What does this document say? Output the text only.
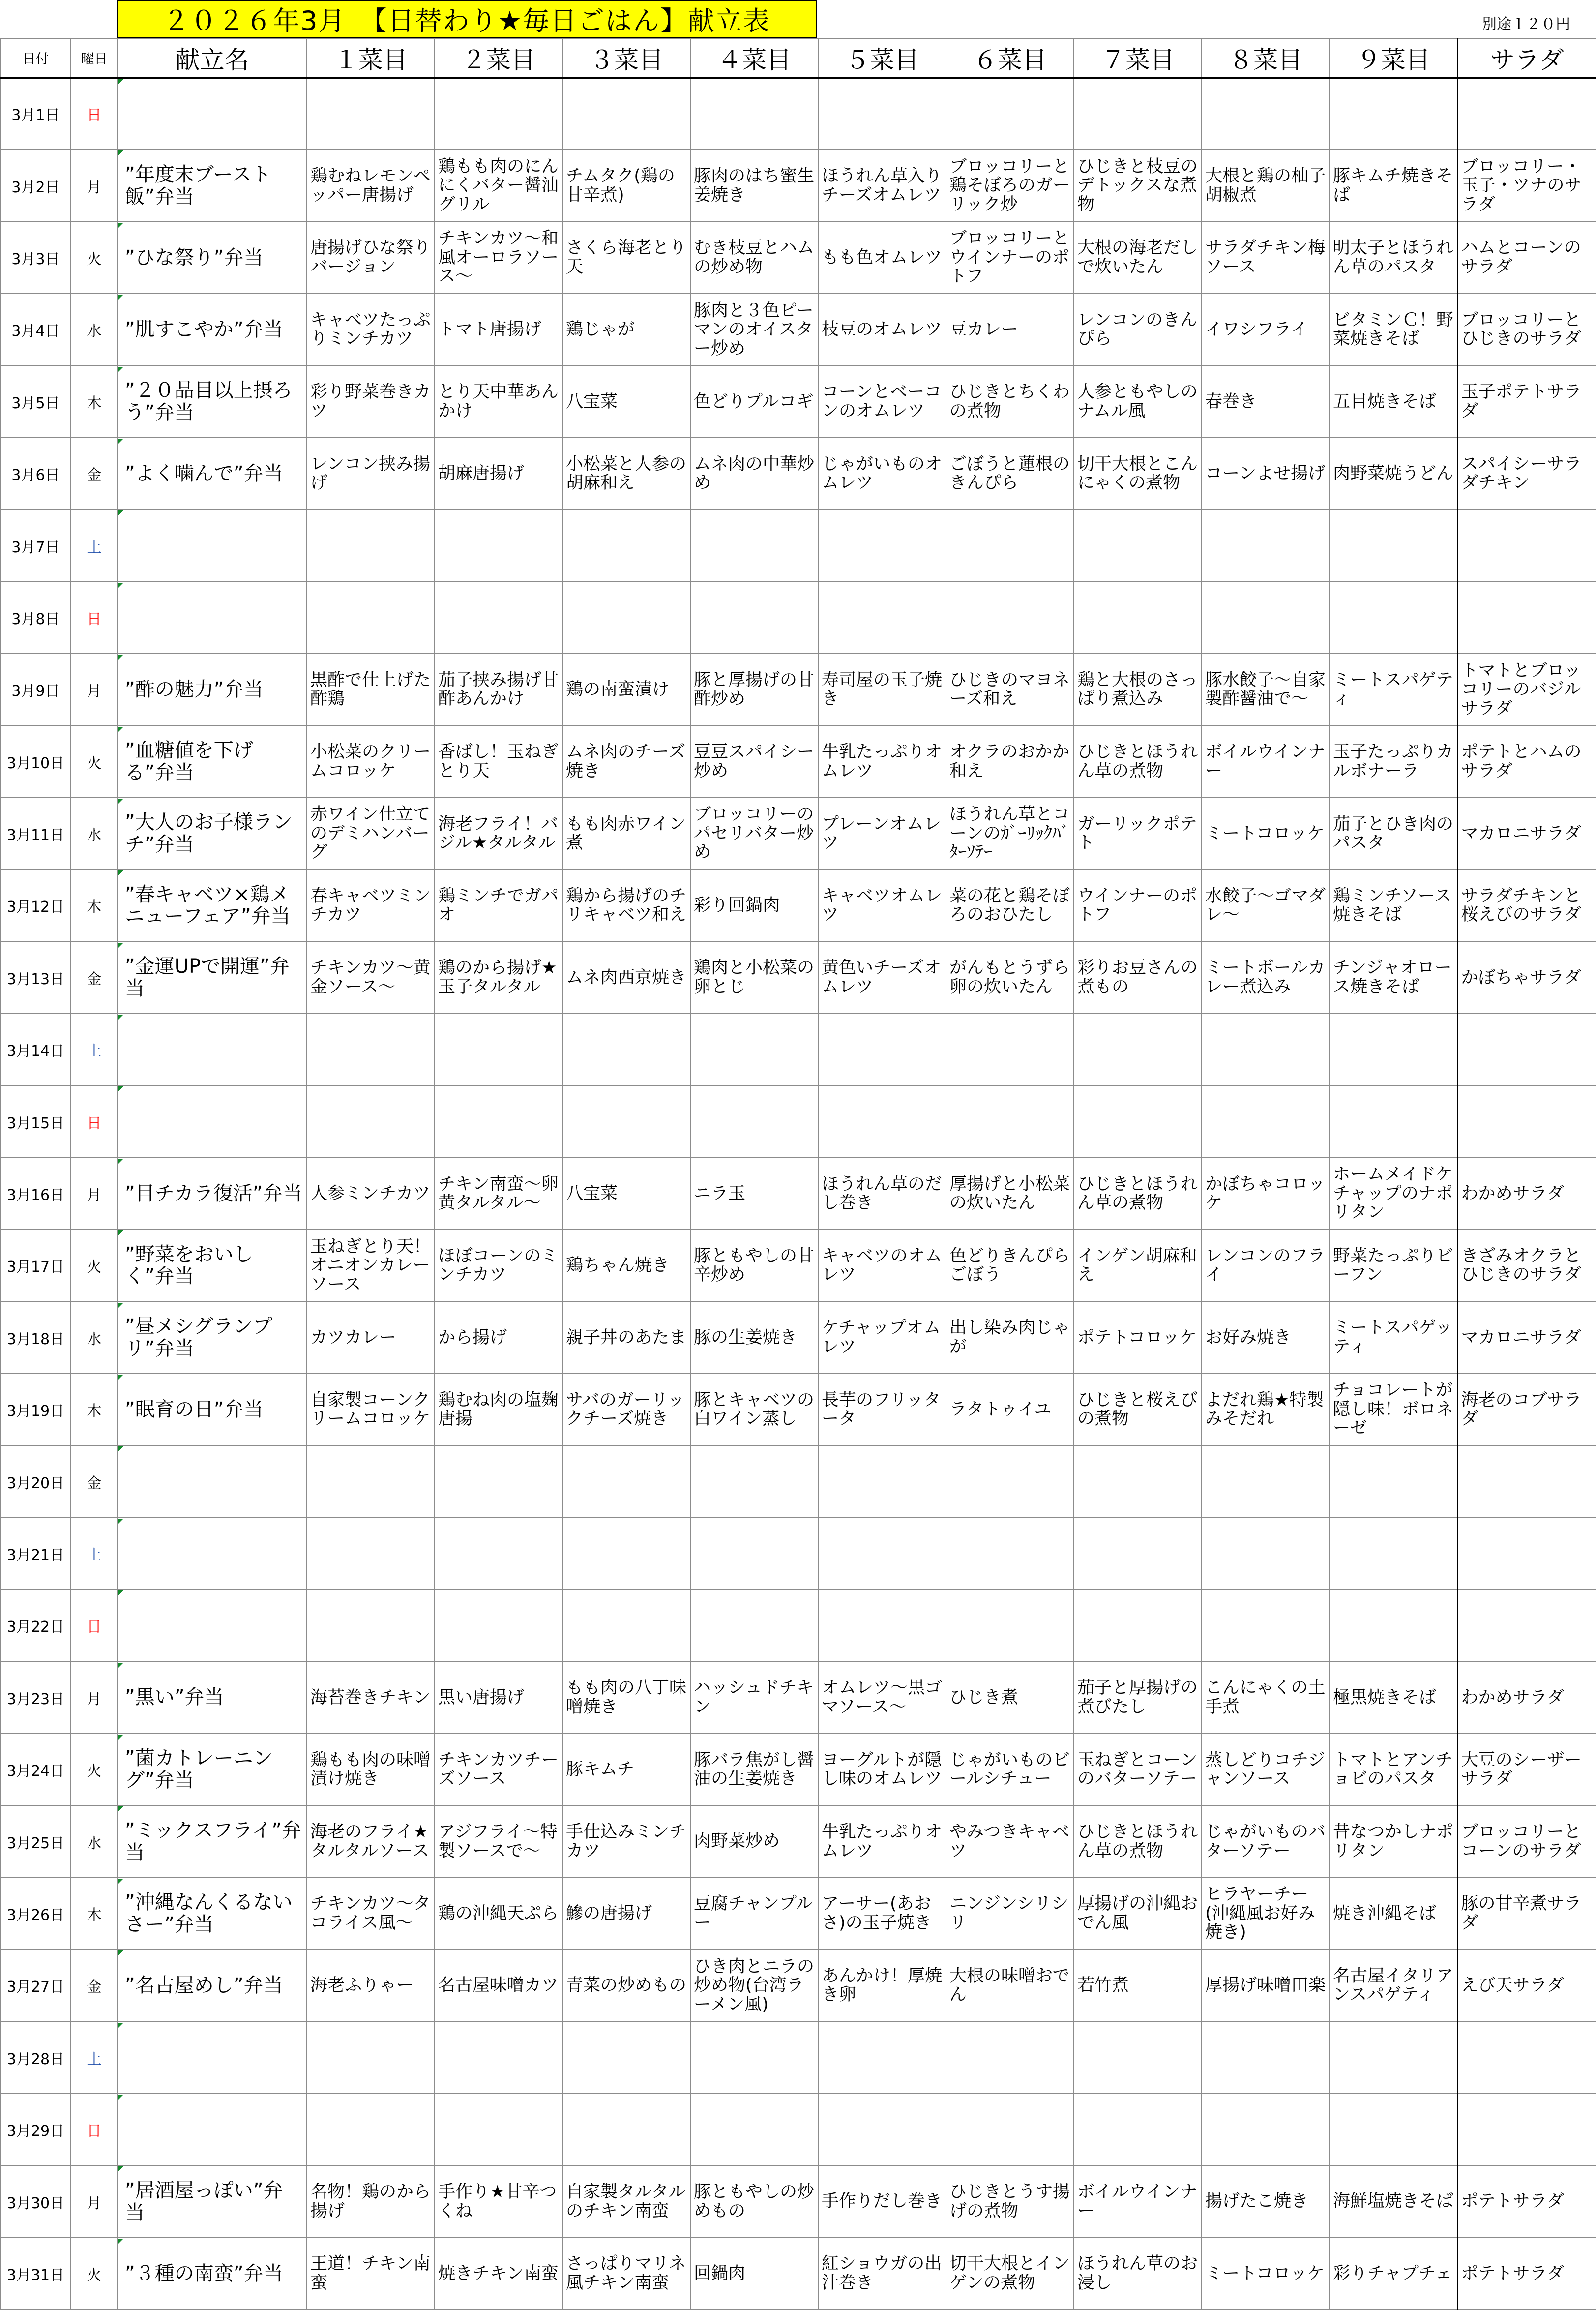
２０２６年3月　【日替わり★毎日ごはん】献立表	別途１２０円
日付	曜日	献立名	１菜目	２菜目	３菜目	４菜目	５菜目	６菜目	７菜目	８菜目	９菜目	サラダ
3月1日	日	

3月2日	月	”年度末ブースト飯”弁当	鶏むねレモンペッパー唐揚げ	鶏もも肉のにんにくバター醤油グリル	チムタク(鶏の甘辛煮)	豚肉のはち蜜生姜焼き	ほうれん草入りチーズオムレツ	ブロッコリーと鶏そぼろのガーリック炒	ひじきと枝豆のデトックスな煮物	大根と鶏の柚子胡椒煮	豚キムチ焼きそば	ブロッコリー・玉子・ツナのサラダ

3月3日	火	”ひな祭り”弁当	唐揚げひな祭りバージョン	チキンカツ～和風オーロラソース～	さくら海老とり天	むき枝豆とハムの炒め物	もも色オムレツ	ブロッコリーとウインナーのポトフ	大根の海老だしで炊いたん	サラダチキン梅ソース	明太子とほうれん草のパスタ	ハムとコーンのサラダ

3月4日	水	”肌すこやか”弁当	キャベツたっぷりミンチカツ	トマト唐揚げ	鶏じゃが	豚肉と３色ピーマンのオイスター炒め	枝豆のオムレツ	豆カレー	レンコンのきんぴら	イワシフライ	ビタミンＣ！野菜焼きそば	ブロッコリーとひじきのサラダ

3月5日	木	”２０品目以上摂ろう”弁当	彩り野菜巻きカツ	とり天中華あんかけ	八宝菜	色どりプルコギ	コーンとベーコンのオムレツ	ひじきとちくわの煮物	人参ともやしのナムル風	春巻き	五目焼きそば	玉子ポテトサラダ

3月6日	金	”よく噛んで”弁当	レンコン挟み揚げ	胡麻唐揚げ	小松菜と人参の胡麻和え	ムネ肉の中華炒め	じゃがいものオムレツ	ごぼうと蓮根のきんぴら	切干大根とこんにゃくの煮物	コーンよせ揚げ	肉野菜焼うどん	スパイシーサラダチキン

3月7日	土	

3月8日	日	

3月9日	月	”酢の魅力”弁当	黒酢で仕上げた酢鶏	茄子挟み揚げ甘酢あんかけ	鶏の南蛮漬け	豚と厚揚げの甘酢炒め	寿司屋の玉子焼き	ひじきのマヨネーズ和え	鶏と大根のさっぱり煮込み	豚水餃子～自家製酢醤油で～	ミートスパゲティ	トマトとブロッコリーのバジルサラダ

3月10日	火	”血糖値を下げる”弁当	小松菜のクリームコロッケ	香ばし！玉ねぎとり天	ムネ肉のチーズ焼き	豆豆スパイシー炒め	牛乳たっぷりオムレツ	オクラのおかか和え	ひじきとほうれん草の煮物	ボイルウインナー	玉子たっぷりカルボナーラ	ポテトとハムのサラダ

3月11日	水	”大人のお子様ランチ”弁当	赤ワイン仕立てのデミハンバーグ	海老フライ！バジル★タルタル	もも肉赤ワイン煮	ブロッコリーのパセリバター炒め	プレーンオムレツ	ほうれん草とコーンのｶﾞｰﾘｯｸﾊﾞﾀｰｿﾃｰ	ガーリックポテト	ミートコロッケ	茄子とひき肉のパスタ	マカロニサラダ

3月12日	木	”春キャベツ×鶏メニューフェア”弁当	春キャベツミンチカツ	鶏ミンチでガパオ	鶏から揚げのチリキャベツ和え	彩り回鍋肉	キャベツオムレツ	菜の花と鶏そぼろのおひたし	ウインナーのポトフ	水餃子～ゴマダレ～	鶏ミンチソース焼きそば	サラダチキンと桜えびのサラダ

3月13日	金	”金運UPで開運”弁当	チキンカツ～黄金ソース～	鶏のから揚げ★玉子タルタル	ムネ肉西京焼き	鶏肉と小松菜の卵とじ	黄色いチーズオムレツ	がんもとうずら卵の炊いたん	彩りお豆さんの煮もの	ミートボールカレー煮込み	チンジャオロース焼きそば	かぼちゃサラダ

3月14日	土	

3月15日	日	

3月16日	月	”目チカラ復活”弁当	人参ミンチカツ	チキン南蛮～卵黄タルタル～	八宝菜	ニラ玉	ほうれん草のだし巻き	厚揚げと小松菜の炊いたん	ひじきとほうれん草の煮物	かぼちゃコロッケ	ホームメイドケチャップのナポリタン	わかめサラダ

3月17日	火	”野菜をおいしく”弁当	玉ねぎとり天！オニオンカレーソース	ほぼコーンのミンチカツ	鶏ちゃん焼き	豚ともやしの甘辛炒め	キャベツのオムレツ	色どりきんぴらごぼう	インゲン胡麻和え	レンコンのフライ	野菜たっぷりビーフン	きざみオクラとひじきのサラダ

3月18日	水	”昼メシグランプリ”弁当	カツカレー	から揚げ	親子丼のあたま	豚の生姜焼き	ケチャップオムレツ	出し染み肉じゃが	ポテトコロッケ	お好み焼き	ミートスパゲッティ	マカロニサラダ

3月19日	木	”眠育の日”弁当	自家製コーンクリームコロッケ	鶏むね肉の塩麹唐揚	サバのガーリックチーズ焼き	豚とキャベツの白ワイン蒸し	長芋のフリッタータ	ラタトゥイユ	ひじきと桜えびの煮物	よだれ鶏★特製みそだれ	チョコレートが隠し味！ボロネーゼ	海老のコブサラダ

3月20日	金	

3月21日	土	

3月22日	日	

3月23日	月	”黒い”弁当	海苔巻きチキン	黒い唐揚げ	もも肉の八丁味噌焼き	ハッシュドチキン	オムレツ～黒ゴマソース～	ひじき煮	茄子と厚揚げの煮びたし	こんにゃくの土手煮	極黒焼きそば	わかめサラダ

3月24日	火	”菌カトレーニング”弁当	鶏もも肉の味噌漬け焼き	チキンカツチーズソース	豚キムチ	豚バラ焦がし醤油の生姜焼き	ヨーグルトが隠し味のオムレツ	じゃがいものビールシチュー	玉ねぎとコーンのバターソテー	蒸しどりコチジャンソース	トマトとアンチョビのパスタ	大豆のシーザーサラダ

3月25日	水	”ミックスフライ”弁当	海老のフライ★タルタルソース	アジフライ～特製ソースで～	手仕込みミンチカツ	肉野菜炒め	牛乳たっぷりオムレツ	やみつきキャベツ	ひじきとほうれん草の煮物	じゃがいものバターソテー	昔なつかしナポリタン	ブロッコリーとコーンのサラダ

3月26日	木	”沖縄なんくるないさー”弁当	チキンカツ～タコライス風～	鶏の沖縄天ぷら	鰺の唐揚げ	豆腐チャンプルー	アーサー(あおさ)の玉子焼き	ニンジンシリシリ	厚揚げの沖縄おでん風	ヒラヤーチー(沖縄風お好み焼き)	焼き沖縄そば	豚の甘辛煮サラダ

3月27日	金	”名古屋めし”弁当	海老ふりゃー	名古屋味噌カツ	青菜の炒めもの	ひき肉とニラの炒め物(台湾ラーメン風)	あんかけ！厚焼き卵	大根の味噌おでん	若竹煮	厚揚げ味噌田楽	名古屋イタリアンスパゲティ	えび天サラダ

3月28日	土	

3月29日	日	

3月30日	月	”居酒屋っぽい”弁当	名物！鶏のから揚げ	手作り★甘辛つくね	自家製タルタルのチキン南蛮	豚ともやしの炒めもの	手作りだし巻き	ひじきとうす揚げの煮物	ボイルウインナー	揚げたこ焼き	海鮮塩焼きそば	ポテトサラダ

3月31日	火	”３種の南蛮”弁当	王道！チキン南蛮	焼きチキン南蛮	さっぱりマリネ風チキン南蛮	回鍋肉	紅ショウガの出汁巻き	切干大根とインゲンの煮物	ほうれん草のお浸し	ミートコロッケ	彩りチャプチェ	ポテトサラダ
